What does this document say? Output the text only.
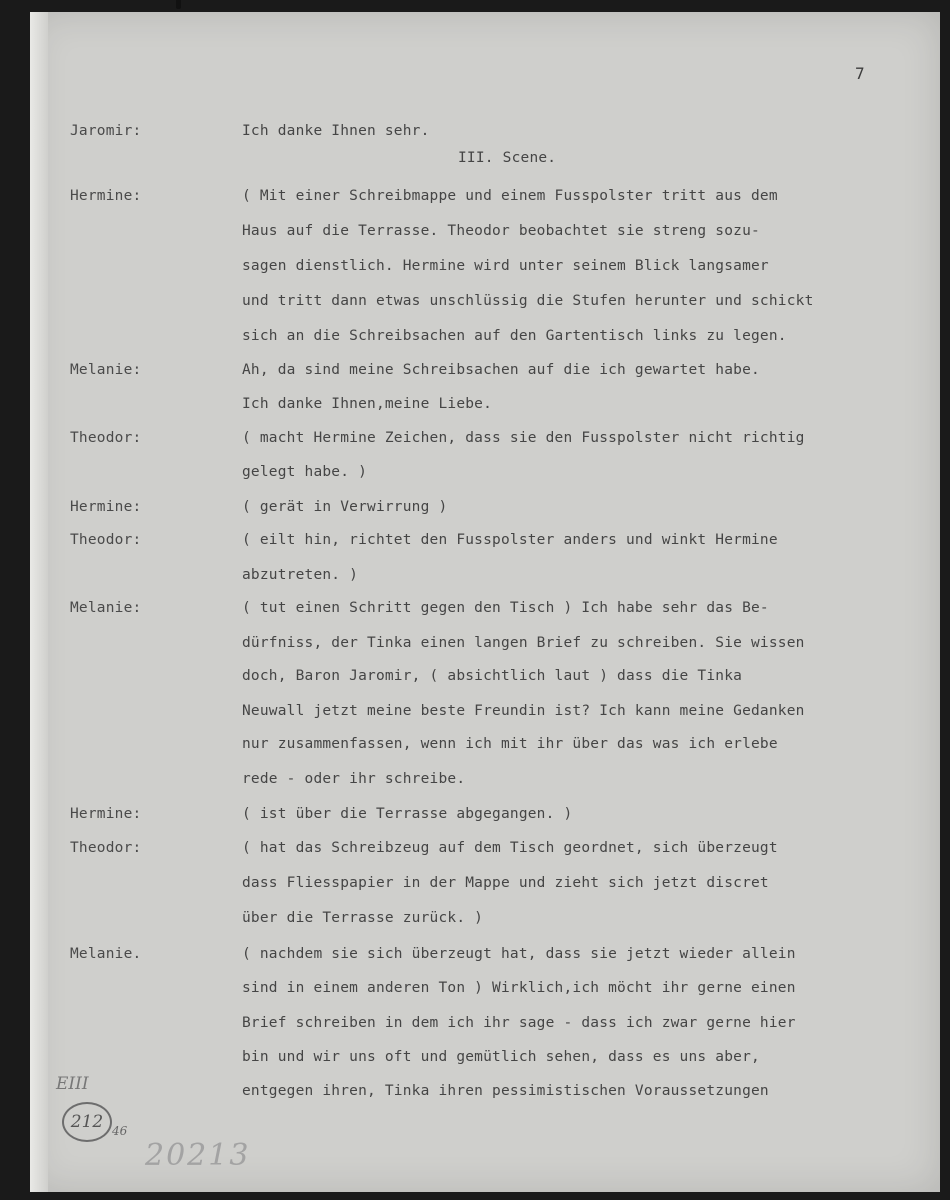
7
Jaromir:	Ich danke Ihnen sehr.
III. Scene.
Hermine:	( Mit einer Schreibmappe und einem Fusspolster tritt aus dem
Haus auf die Terrasse. Theodor beobachtet sie streng sozu-
sagen dienstlich. Hermine wird unter seinem Blick langsamer
und tritt dann etwas unschlüssig die Stufen herunter und schickt
sich an die Schreibsachen auf den Gartentisch links zu legen.
Melanie:	Ah, da sind meine Schreibsachen auf die ich gewartet habe.
Ich danke Ihnen,meine Liebe.
Theodor:	( macht Hermine Zeichen, dass sie den Fusspolster nicht richtig
gelegt habe. )
Hermine:	( gerät in Verwirrung )
Theodor:	( eilt hin, richtet den Fusspolster anders und winkt Hermine
abzutreten. )
Melanie:	( tut einen Schritt gegen den Tisch ) Ich habe sehr das Be-
dürfniss, der Tinka einen langen Brief zu schreiben. Sie wissen
doch, Baron Jaromir, ( absichtlich laut ) dass die Tinka
Neuwall jetzt meine beste Freundin ist? Ich kann meine Gedanken
nur zusammenfassen, wenn ich mit ihr über das was ich erlebe
rede - oder ihr schreibe.
Hermine:	( ist über die Terrasse abgegangen. )
Theodor:	( hat das Schreibzeug auf dem Tisch geordnet, sich überzeugt
dass Fliesspapier in der Mappe und zieht sich jetzt discret
über die Terrasse zurück. )
Melanie.	( nachdem sie sich überzeugt hat, dass sie jetzt wieder allein
sind in einem anderen Ton ) Wirklich,ich möcht ihr gerne einen
Brief schreiben in dem ich ihr sage - dass ich zwar gerne hier
bin und wir uns oft und gemütlich sehen, dass es uns aber,
entgegen ihren, Tinka ihren pessimistischen Voraussetzungen
EIII
212 46
20213
